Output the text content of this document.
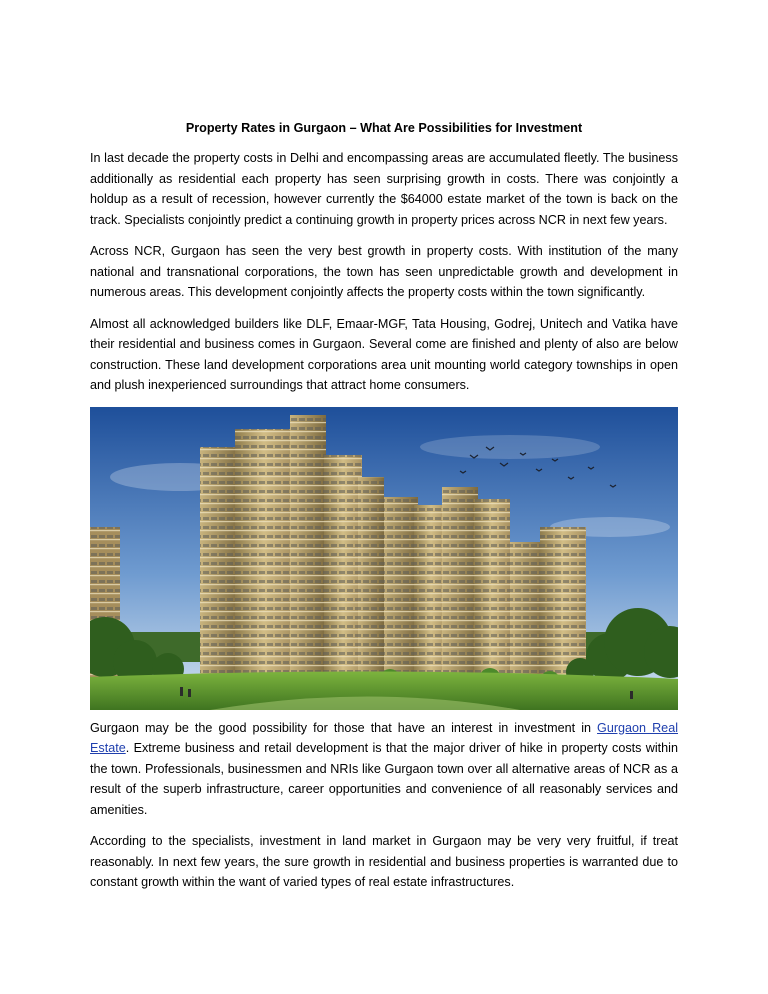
Property Rates in Gurgaon – What Are Possibilities for Investment

In last decade the property costs in Delhi and encompassing areas are accumulated fleetly. The business additionally as residential each property has seen surprising growth in costs. There was conjointly a holdup as a result of recession, however currently the $64000 estate market of the town is back on the track. Specialists conjointly predict a continuing growth in property prices across NCR in next few years.

Across NCR, Gurgaon has seen the very best growth in property costs. With institution of the many national and transnational corporations, the town has seen unpredictable growth and development in numerous areas. This development conjointly affects the property costs within the town significantly.

Almost all acknowledged builders like DLF, Emaar-MGF, Tata Housing, Godrej, Unitech and Vatika have their residential and business comes in Gurgaon. Several come are finished and plenty of also are below construction. These land development corporations area unit mounting world category townships in open and plush inexperienced surroundings that attract home consumers.

Gurgaon may be the good possibility for those that have an interest in investment in Gurgaon Real Estate. Extreme business and retail development is that the major driver of hike in property costs within the town. Professionals, businessmen and NRIs like Gurgaon town over all alternative areas of NCR as a result of the superb infrastructure, career opportunities and convenience of all reasonably services and amenities.

According to the specialists, investment in land market in Gurgaon may be very very fruitful, if treat reasonably. In next few years, the sure growth in residential and business properties is warranted due to constant growth within the want of varied types of real estate infrastructures.
